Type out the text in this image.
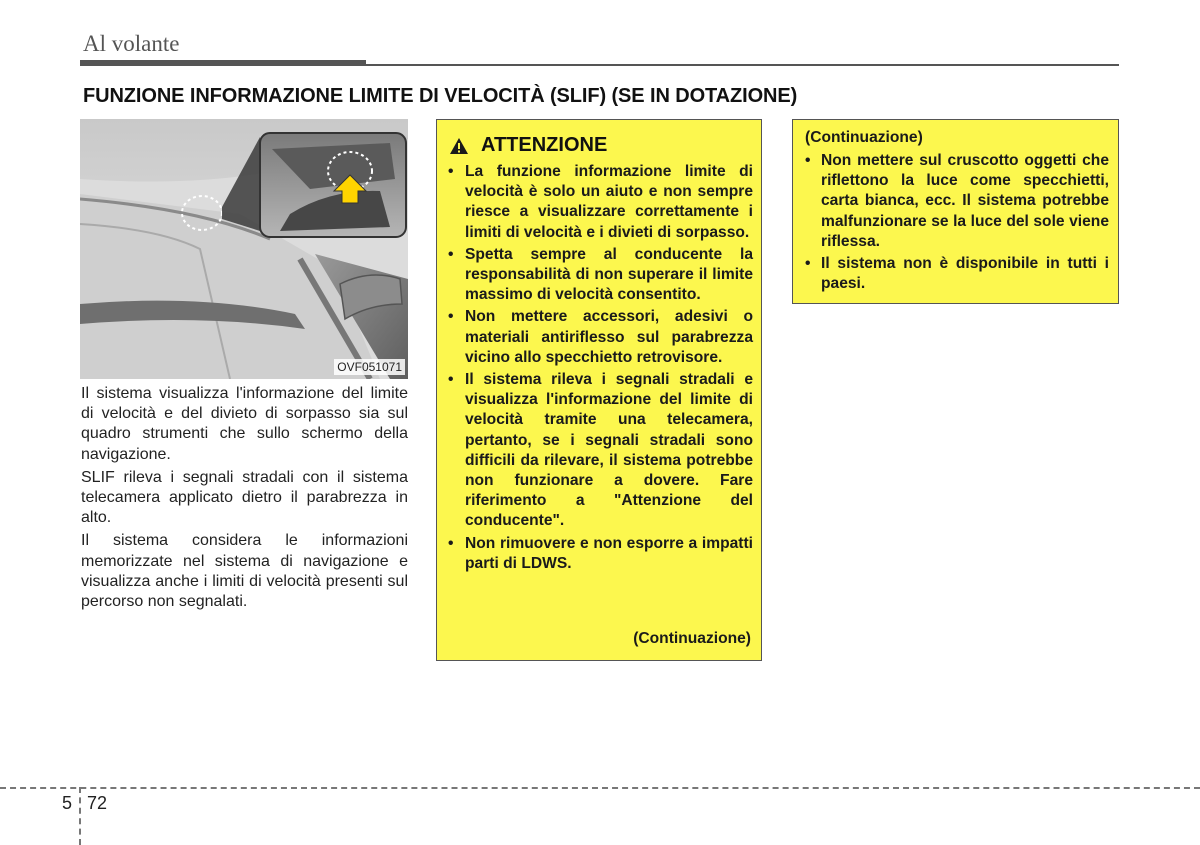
Al volante
FUNZIONE INFORMAZIONE LIMITE DI VELOCITÀ (SLIF) (SE IN DOTAZIONE)
OVF051071

Il sistema visualizza l'informazione del limite di velocità e del divieto di sorpasso sia sul quadro strumenti che sullo schermo della navigazione.

SLIF rileva i segnali stradali con il sistema telecamera applicato dietro il parabrezza in alto.

Il sistema considera le informazioni memorizzate nel sistema di navigazione e visualizza anche i limiti di velocità presenti sul percorso non segnalati.

ATTENZIONE
• La funzione informazione limite di velocità è solo un aiuto e non sempre riesce a visualizzare correttamente i limiti di velocità e i divieti di sorpasso.
• Spetta sempre al conducente la responsabilità di non superare il limite massimo di velocità consentito.
• Non mettere accessori, adesivi o materiali antiriflesso sul parabrezza vicino allo specchietto retrovisore.
• Il sistema rileva i segnali stradali e visualizza l'informazione del limite di velocità tramite una telecamera, pertanto, se i segnali stradali sono difficili da rilevare, il sistema potrebbe non funzionare a dovere. Fare riferimento a "Attenzione del conducente".
• Non rimuovere e non esporre a impatti parti di LDWS.
(Continuazione)
(Continuazione)
• Non mettere sul cruscotto oggetti che riflettono la luce come specchietti, carta bianca, ecc. Il sistema potrebbe malfunzionare se la luce del sole viene riflessa.
• Il sistema non è disponibile in tutti i paesi.
5 72
